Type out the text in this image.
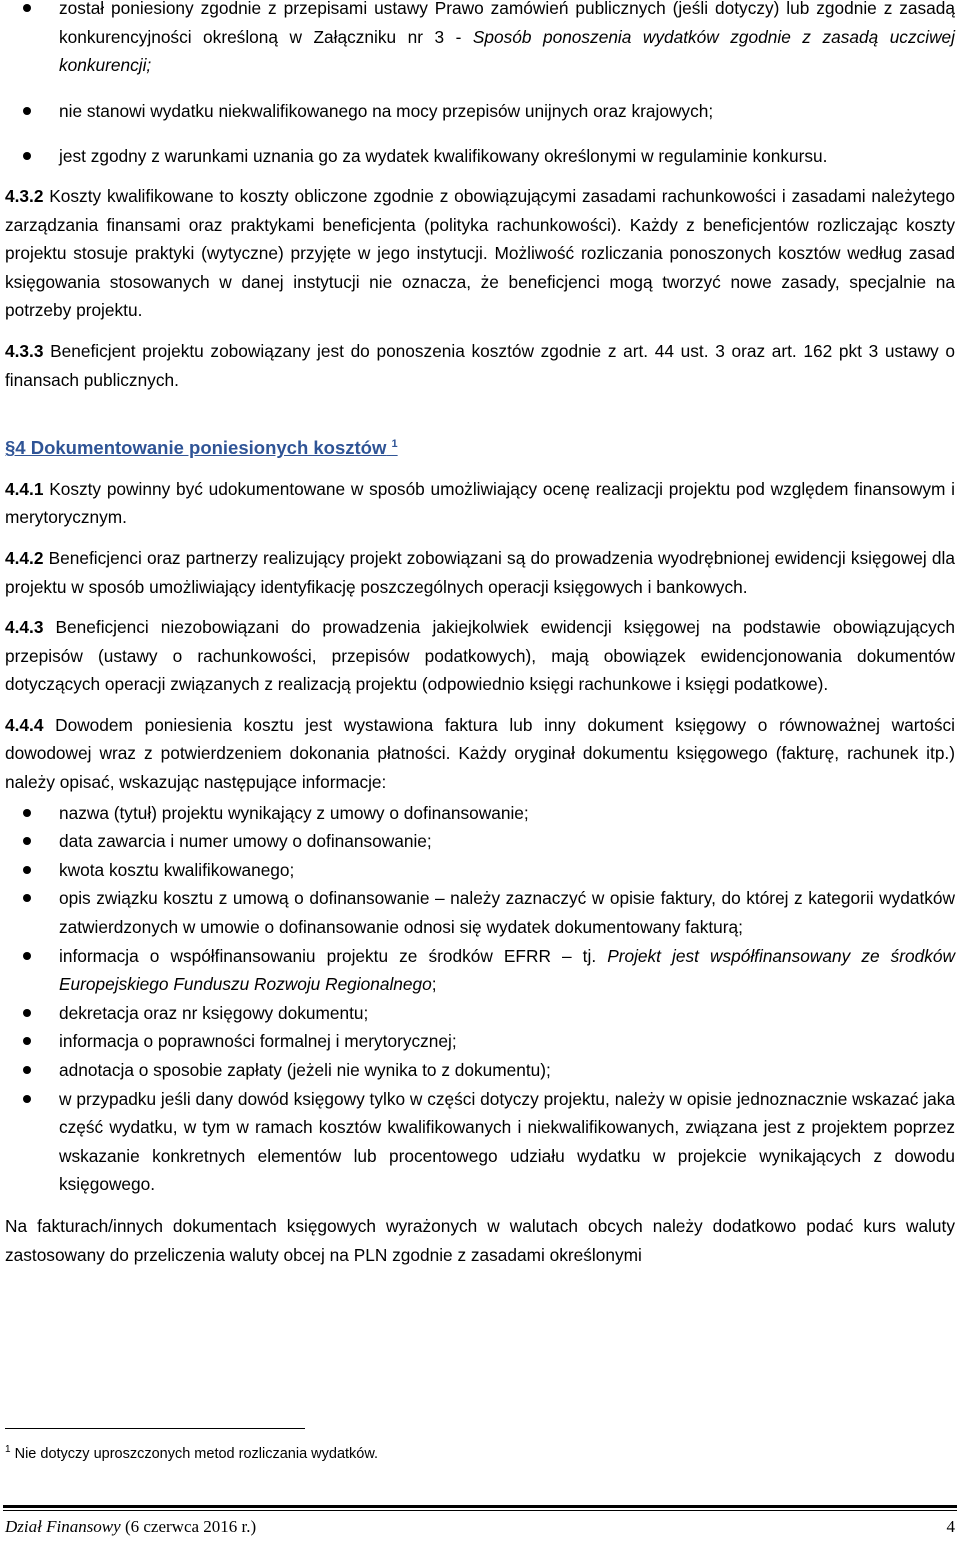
został poniesiony zgodnie z przepisami ustawy Prawo zamówień publicznych (jeśli dotyczy) lub zgodnie z zasadą konkurencyjności określoną w Załączniku nr 3 - Sposób ponoszenia wydatków zgodnie z zasadą uczciwej konkurencji;
nie stanowi wydatku niekwalifikowanego na mocy przepisów unijnych oraz krajowych;
jest zgodny z warunkami uznania go za wydatek kwalifikowany określonymi w regulaminie konkursu.

4.3.2 Koszty kwalifikowane to koszty obliczone zgodnie z obowiązującymi zasadami rachunkowości i zasadami należytego zarządzania finansami oraz praktykami beneficjenta (polityka rachunkowości). Każdy z beneficjentów rozliczając koszty projektu stosuje praktyki (wytyczne) przyjęte w jego instytucji. Możliwość rozliczania ponoszonych kosztów według zasad księgowania stosowanych w danej instytucji nie oznacza, że beneficjenci mogą tworzyć nowe zasady, specjalnie na potrzeby projektu.

4.3.3 Beneficjent projektu zobowiązany jest do ponoszenia kosztów zgodnie z art. 44 ust. 3 oraz art. 162 pkt 3 ustawy o finansach publicznych.

§4 Dokumentowanie poniesionych kosztów $^1$

4.4.1 Koszty powinny być udokumentowane w sposób umożliwiający ocenę realizacji projektu pod względem finansowym i merytorycznym.

4.4.2 Beneficjenci oraz partnerzy realizujący projekt zobowiązani są do prowadzenia wyodrębnionej ewidencji księgowej dla projektu w sposób umożliwiający identyfikację poszczególnych operacji księgowych i bankowych.

4.4.3 Beneficjenci niezobowiązani do prowadzenia jakiejkolwiek ewidencji księgowej na podstawie obowiązujących przepisów (ustawy o rachunkowości, przepisów podatkowych), mają obowiązek ewidencjonowania dokumentów dotyczących operacji związanych z realizacją projektu (odpowiednio księgi rachunkowe i księgi podatkowe).

4.4.4 Dowodem poniesienia kosztu jest wystawiona faktura lub inny dokument księgowy o równoważnej wartości dowodowej wraz z potwierdzeniem dokonania płatności. Każdy oryginał dokumentu księgowego (fakturę, rachunek itp.) należy opisać, wskazując następujące informacje:

nazwa (tytuł) projektu wynikający z umowy o dofinansowanie;
data zawarcia i numer umowy o dofinansowanie;
kwota kosztu kwalifikowanego;
opis związku kosztu z umową o dofinansowanie – należy zaznaczyć w opisie faktury, do której z kategorii wydatków zatwierdzonych w umowie o dofinansowanie odnosi się wydatek dokumentowany fakturą;
informacja o współfinansowaniu projektu ze środków EFRR – tj. Projekt jest współfinansowany ze środków Europejskiego Funduszu Rozwoju Regionalnego;
dekretacja oraz nr księgowy dokumentu;
informacja o poprawności formalnej i merytorycznej;
adnotacja o sposobie zapłaty (jeżeli nie wynika to z dokumentu);
w przypadku jeśli dany dowód księgowy tylko w części dotyczy projektu, należy w opisie jednoznacznie wskazać jaka część wydatku, w tym w ramach kosztów kwalifikowanych i niekwalifikowanych, związana jest z projektem poprzez wskazanie konkretnych elementów lub procentowego udziału wydatku w projekcie wynikających z dowodu księgowego.

Na fakturach/innych dokumentach księgowych wyrażonych w walutach obcych należy dodatkowo podać kurs waluty zastosowany do przeliczenia waluty obcej na PLN zgodnie z zasadami określonymi

$^1$ Nie dotyczy uproszczonych metod rozliczania wydatków.
Dział Finansowy (6 czerwca 2016 r.)	4
